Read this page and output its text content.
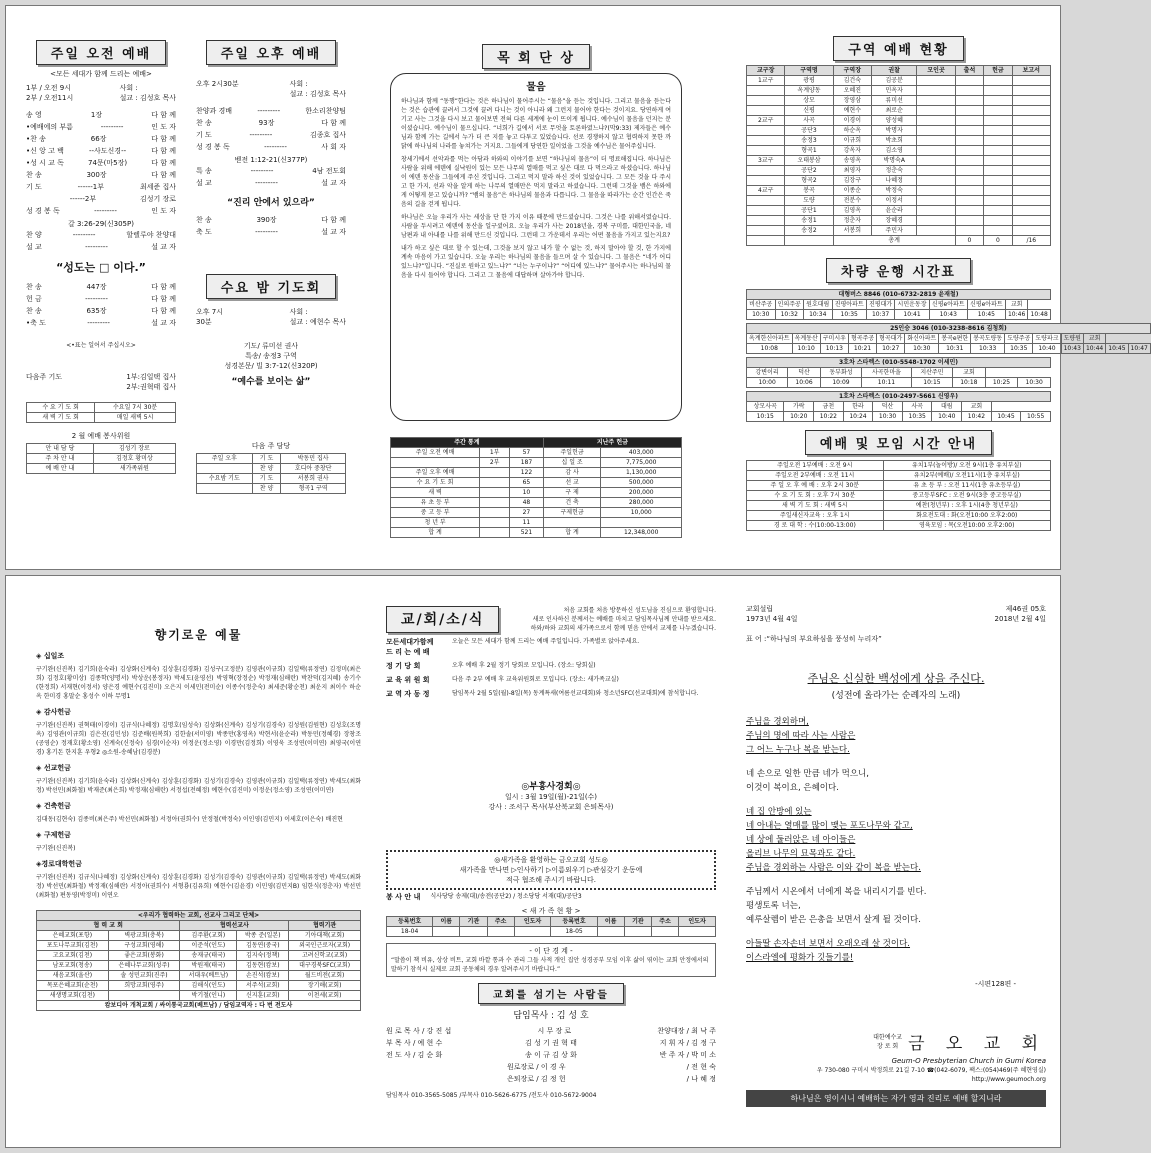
주일 오전 예배
<모든 세대가 함께 드리는 예배>
1부 / 오전 9시
2부 / 오전11시
사회 :
설교 : 김성호 목사
송 영	1장	다 함 께
•예배에의 부름	---------	인 도 자
•찬 송	66장	다 함 께
•신 앙 고 백	--사도신경--	다 함 께
•성 시 교 독	74문(마5장)	다 함 께
찬 송	300장	다 함 께
기 도	------1부	최세준 집사
------2부	김성기 장로
성 경 봉 독	---------	인 도 자
갈 3:26-29(신305P)
찬 양	---------	할렐루야 찬양대
설 교	---------	설 교 자
“성도는 □ 이다.”
찬 송	447장	다 함 께
헌 금	---------	다 함 께
찬 송	635장	다 함 께
•축 도	---------	설 교 자
<•표는 일어서 주십시오>
다음주 기도	1부:김일택 집사
2부:권혁태 집사
수 요 기 도 회	수요일 7시 30분
새 벽 기 도 회	매일 새벽 5시
2 월 예배 봉사위원
안 내 담 당	김성기 장로
주 차 안 내	김정호 황미상
예 배 안 내	새가족위원
주일 오후 예배
오후 2시30분	사회 :
설교 : 김성호 목사
찬양과 경배	---------	한소리찬양팀
찬 송	93장	다 함 께
기 도	---------	김종호 집사
성 경 봉 독	---------	사 회 자
벧전 1:12-21(신377P)
특 송	---------	4남 전도회
설 교	---------	설 교 자
“진리 안에서 있으라”
찬 송	390장	다 함 께
축 도	---------	설 교 자
수요 밤 기도회
오후 7시
30분
사회 :
설교 : 예현수 목사
기도/ 류미선 권사
특송/ 송정3 구역
성경본문/ 빌 3:7-12(신320P)
“예수를 보이는 삶”
다음 주 담당
주일 오후	기 도	박동민 집사
	찬 양	호디아 중창단
수요밤 기도	기 도	서봉희 권사
	찬 양	형곡1 구역
목 회 단 상
물음
하나님과 함께 “동행”한다는 것은 하나님이 물어주시는 “물음”을 듣는 것입니다. 그리고 물음을 듣는다는 것은 습관에 끌려서 그것에 끌려 다니는 것이 아니라 왜 그런지 물어야 한다는 것이지요. 당연하게 여기고 사는 그것을 다시 보고 물어보면 전혀 다른 세계에 눈이 뜨이게 됩니다. 예수님이 물음을 던지는 분이셨습니다. 예수님이 물으십니다. “너희가 길에서 서로 무엇을 토론하였느냐?(막9:33) 제자들은 예수님과 함께 가는 길에서 누가 더 큰 지를 놓고 다투고 있었습니다. 선로 경쟁하지 않고 협력하지 못한 까닭에 하나님의 나라를 놓쳐가는 거지요. 그들에게 당연한 일이었을 그것을 예수님은 물어주십니다.
창세기에서 선악과를 먹는 아담과 하와의 이야기를 보면 “하나님의 물음”이 더 명료해집니다. 하나님은 사람을 위해 에덴에 실낙원이 있는 모든 나무의 열매를 먹고 싶은 대로 다 먹으라고 하셨습니다. 하나님이 에덴 동산을 그들에게 주신 것입니다. 그리고 먹지 말라 하신 것이 있었습니다. 그 모든 것을 다 주시고 한 가지, 선과 악을 알게 하는 나무의 열매만은 먹지 말라고 하셨습니다. 그런데 그것을 뱀은 하와에게 어떻게 묻고 있습니까? “뱀의 물음”은 하나님의 물음과 다릅니다. 그 물음을 따라가는 순간 인간은 죽음의 길을 걷게 됩니다.
하나님은 오늘 우리가 사는 세상을 단 한 가지 이유 때문에 만드셨습니다. 그것은 나를 위해서였습니다. 사람을 두시려고 에덴에 동산을 일구셨어요. 오늘 우리가 사는 2018년을, 경북 구미를, 대한민국을, 네 남편과 내 아내를 나를 위해 만드신 것입니다. 그런데 그 가운데서 우리는 어떤 물음을 가지고 있는지요?
내가 하고 싶은 대로 할 수 있는데, 그것을 보지 않고 내가 할 수 없는 것, 하지 말아야 할 것, 한 가지에 계속 마음이 가고 있습니다. 오늘 우리는 하나님의 물음을 들으며 살 수 있습니다. 그 물음은 “네가 어디 있느냐?”입니다. “진실로 원하고 있느냐?” “너는 누구이냐?” “어디에 있느냐?” 물어주시는 하나님의 물음을 다시 들어야 합니다. 그리고 그 물음에 대답하며 살아가야 합니다.
주간 통계			지난주 헌금	
주일 오전 예배	1부	57	주일헌금	403,000
	2부	187	십 일 조	7,775,000
주일 오후 예배		122	감 사	1,130,000
수 요 기 도 회		65	선 교	500,000
새 벽		10	구 제	200,000
유 초 등 부		48	건 축	280,000
중 고 등 부		27	구제헌금	10,000
청 년 부		11		
합 계		521	합 계	12,348,000
구역 예배 현황
교구장	구역명	구역장	권찰	모인곳	출석	헌금	보고서
1교구	광평	김건숙	김공분				
	옥계양동	오혜진	민옥자				
	상모	장영삼	류미선				
	신평	예현수	최로순				
2교구	사곡	이경이	양성혜				
	공단3	하순옥	박명자				
	송정3	이규희	박초희				
	형곡1	강옥자	김소영				
3교구	오태봉삼	송영옥	박명숙A				
	공단2	최영자	정춘숙				
	형곡2	김장구	나혜정				
4교구	봉곡	이종순	박정숙				
	도량	전분수	이정서				
	공단1	김영옥	윤순라				
	송정1	정춘자	장혜경				
	송정2	서봉희	주민자				
		총계			0	0	/16
차량 운행 시간표
대형버스 8846 (010-6732-2819 윤재철)									
비산주공	인의주공	원호대림	진평아파트	진평대가	시민운동장	신평e아파트	신평e아파트	교회	
10:30	10:32	10:34	10:35	10:37	10:41	10:43	10:45	10:46	10:48
25인승 3046 (010-3238-8616 김청회)													
옥계한신아파트	옥계동산	구미시우	형곡주공	형곡대가	화신아파트	봉곡e편한	봉곡도량동	도량주공	도량파크	도량원	교회		
10:08	10:10	10:13	10:21	10:27	10:30	10:31	10:33	10:35	10:40	10:43	10:44	10:45	10:47
3호차 스타렉스 (010-5548-1702 이세민)							
강변이리	덕산	동부화성	사곡한마을	지산주민	교회		
10:00	10:06	10:09	10:11	10:15	10:18	10:25	10:30
1호차 스타렉스 (010-2497-5661 신영우)									
상모사곡	가락	금천	한라	덕산	사곡	대림	교회		
10:15	10:20	10:22	10:24	10:30	10:35	10:40	10:42	10:45	10:55
예배 및 모임 시간 안내
주일오전 1부예배 : 오전 9시	유치1부(놀이방)/ 오전 9시(1층 유치부실)
주일오전 2부예배 : 오전 11시	유치2부(예배)/ 오전11시(1층 유치부실)
주 일 오 후 예 배 : 오후 2시 30분	유 초 등 부 : 오전 11시(1층 유초등부실)
수 요 기 도 회 : 오후 7시 30분	중고등부SFC : 오전 9시(3층 중고등부실)
새 벽 기 도 회 : 새벽 5시	예찬(청년부) : 오후 1시(4층 청년부실)
주일새신자교육 : 오후 1시	화요전도대 : 화(오전10:00 오후2:00)
경 로 대 학 : 수(10:00-13:00)	영육모임 : 목(오전10:00 오후2:00)
향기로운 예물
◈ 십일조
구기완(신진복) 김기희(윤숙라) 김상화(신계숙) 김상훈(김경화) 김성구(고정분) 김영관(이규희) 김일택(류정연) 김정미(최은희) 김정호(황미상) 김종학(양명서) 박상운(봉정자) 박세도(윤영선) 박영혁(장정순) 박정재(심해란) 박찬덕(김지혜) 송기수(한정희) 서재현(이정서) 양은경 예현수(김진미) 오은지 이세민(전미순) 이종수(정춘숙) 최세준(황순천) 최운지 최이수 하순옥 한미경 홍말순 홍성수 이하 무명1
◈ 감사헌금
구기완(신진복) 권혁태(이경이) 김규식(나혜정) 김명호(임성숙) 김상화(신계숙) 김성기(김경숙) 김성원(김원현) 김성호(조명옥) 김영관(이규희) 김은진(김민성) 김준배(원복희) 김한솔(서미영) 박종만(홍영옥) 박현서(윤순라) 박동민(정혜경) 장창조(공영순) 정재호(황소영) 신계숙(신정숙) 심경(이순자) 이정운(정소영) 이경만(김정희) 이영욱 조성연(이미연) 최영국(이연경) 홍기돈 한지훈 우형2 ◎소원-송혜남(김경분)
◈ 선교헌금
구기완(신진복) 김기희(윤숙라) 김상화(신계숙) 김상훈(김경화) 김성기(김경숙) 김영관(이규희) 김일택(류정연) 박세도(최화정) 박선민(최화철) 박재준(최은희) 박정재(심해란) 서정섭(전혜정) 예현수(김진미) 이정운(정소영) 조성연(이미연)
◈ 건축헌금
김대동(김현숙) 김종비(최은주) 박선민(최화철) 서정아(권희수) 안정철(박정숙) 이인영(김민지) 이세호(이은숙) 배진현
◈ 구제헌금
구기완(신진복)
◈경로대학헌금
구기완(신진복) 김규식(나혜정) 김상화(신계숙) 김상훈(김경화) 김성기(김경숙) 김영관(이규희) 김일택(류정연) 박세도(최화정) 박선민(최화철) 박정재(심해란) 서정아(권희수) 서형룡(김유희) 예현수(김윤경) 이민영(김민지B) 임한식(정춘자) 박선민(최화철) 편동영(박정미) 이연오
<우리가 협력하는 교회, 선교사 그리고 단체>				
협 력 교 회		협력선교사		협력기관
은혜교회(포항)	벽광교회(충북)	김주환(교회)	박종 준(일본)	기아대책(교회)
포도나무교회(김천)	구성교회(영해)	이준석(인도)	김동연(중국)	외국인근로자(교회)
고요교회(김천)	좋은교회(봉화)	송재규(태국)	김지숙(정책)	고려신학교(교회)
남포교회(청송)	은혜나무교회(성주)	박원제(태국)	김동현(캄보)	대구경북SFC(교회)
새음교회(울산)	솔 성민교회(진주)	서대우(베트남)	손진석(캄보)	월드비전(교회)
목포은혜교회(순천)	희망교회(영주)	김해식(인도)	서주석(교회)	장기해(교회)
새생명교회(김천)		박기철(인니)	신지훈(교회)	이천세(교회)
캄보디아 개척교회 / 싸이통국교회(베트남) / 담임교역자 : 다 번 전도사				
교/회/소/식
처음 교회를 처음 방문하신 성도님을 진심으로 환영합니다.
새로 인사하신 분께서는 예배를 마치고 담임목사님께 안내를 받으세요.
하와/하와 교회의 새가족으로서 함께 믿음 안에서 교제를 나누겠습니다.
모든세대가함께
드 리 는 예 배
오늘은 모든 세대가 함께 드리는 예배 주일입니다. 가족별로 앉아주세요.
정 기 당 회	오후 예배 후 2월 정기 당회로 모입니다. (장소: 당회실)
교 육 위 원 회	다음 주 2부 예배 후 교육위원회로 모입니다. (장소: 새가족교실)
교 역 자 동 정	담임목사 2월 5일(월)-8일(목) 동계특새(여름선교대회)와 청소년SFC(선교대회)에 참석합니다.
◎부흥사경회◎
일시 : 3월 19일(월)-21일(수)
강사 : 조서구 목사(부산북교회 은퇴목사)
◎새가족을 환영하는 금오교회 성도◎
새가족을 만나면 ▷인사하기 ▷이름외우기 ▷관심갖기 운동에
적극 협조해 주시기 바랍니다.
봉 사 안 내 식사당당 송제(대)/송전(공단2) / 청소당당 서재(대)/공단3
< 새 가 족 현 황 >
등록번호	이름	기관	주소	인도자	등록번호	이름	기관	주소	인도자
18-04					18-05				
- 이 단 경 계 -
“말씀이 책 비유, 상상 비트, 교회 바깥 통과 수 관리 그들 사적 개인 집안 성경공부 모임 이후 삶이 엮이는 교회 안정에서의 말하기 참석시 실제로 교회 공동체의 경우 알려주시기 바랍니다.”
교회를 섬기는 사람들
담임목사 : 김 성 호
원 로 목 사 / 강 진 섭	시 무 장 로	찬양대장 / 최 낙 주
부 목 사 / 예 현 수	김 성 기 권 혁 태	지 휘 자 / 김 정 구
전 도 사 / 김 순 화	송 이 규 김 상 화	반 주 자 / 박 미 소
원로장로 / 이 경 우	/ 전 현 숙
은퇴장로 / 김 정 헌	/ 나 혜 정
담임목사 010-3565-5085 /부목사 010-5626-6775 /전도사 010-5672-9004
교회설립
1973년 4월 4일
제46권 05호
2018년 2월 4일
표 어 :“하나님의 부요하심을 풍성히 누리자”
주님은 신실한 백성에게 상을 주신다.
(성전에 올라가는 순례자의 노래)
주님을 경외하며,
주님의 명에 따라 사는 사람은
그 어느 누구나 복을 받는다.
네 손으로 일한 만큼 네가 먹으니,
이것이 복이요, 은혜이다.
네 집 안방에 있는
네 아내는 열매를 많이 맺는 포도나무와 같고,
네 상에 둘러앉은 네 아이들은
올리브 나무의 묘목과도 같다.
주님을 경외하는 사람은 이와 같이 복을 받는다.
주님께서 시온에서 너에게 복을 내리시기를 빈다.
평생토록 너는,
예루살렘이 받은 은총을 보면서 살게 될 것이다.
아들딸 손자손녀 보면서 오래오래 살 것이다.
이스라엘에 평화가 깃들기를!
-시편128편 -
대한예수교
장 로 회 금 오 교 회
Geum-O Presbyterian Church in Gumi Korea
우 730-080 구미시 박정희로 21길 7-10 ☎(042-6079, 팩스:(054)469(주 혜현영실)
http://www.geumoch.org
하나님은 영이시니 예배하는 자가 영과 진리로 예배 할지니라
